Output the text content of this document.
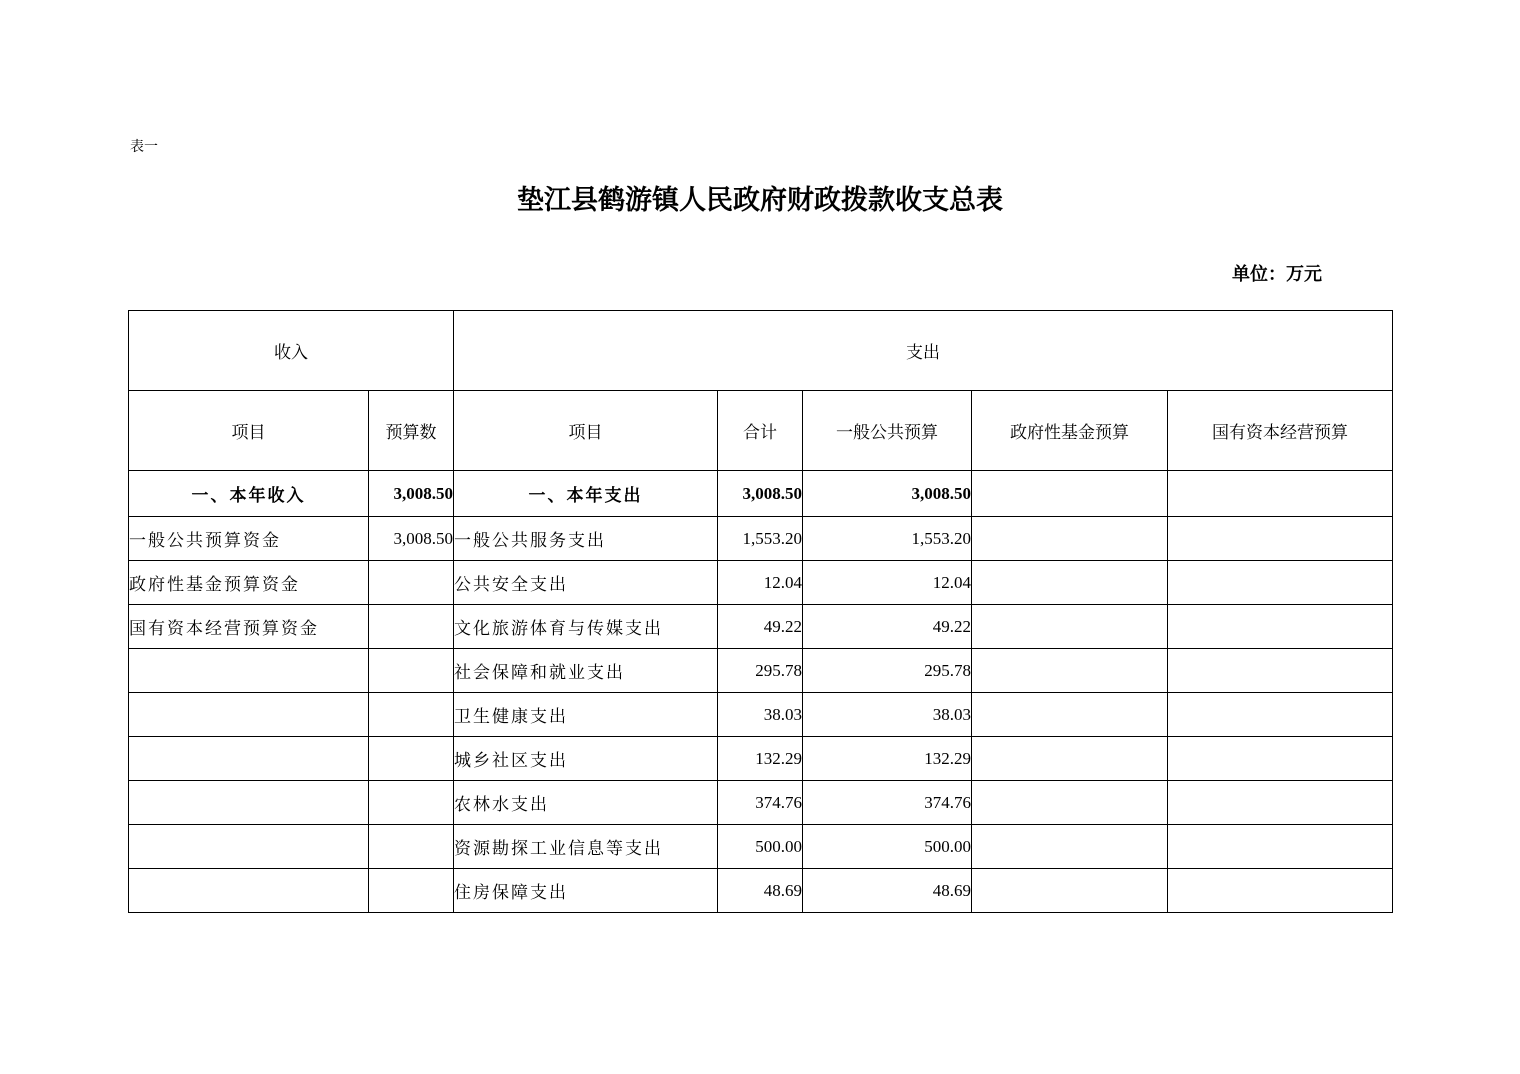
表一
垫江县鹤游镇人民政府财政拨款收支总表
单位：万元
收入		支出				
项目	预算数	项目	合计	一般公共预算	政府性基金预算	国有资本经营预算
一、本年收入	3,008.50	一、本年支出	3,008.50	3,008.50		
一般公共预算资金	3,008.50	一般公共服务支出	1,553.20	1,553.20		
政府性基金预算资金		公共安全支出	12.04	12.04		
国有资本经营预算资金		文化旅游体育与传媒支出	49.22	49.22		
		社会保障和就业支出	295.78	295.78		
		卫生健康支出	38.03	38.03		
		城乡社区支出	132.29	132.29		
		农林水支出	374.76	374.76		
		资源勘探工业信息等支出	500.00	500.00		
		住房保障支出	48.69	48.69		
